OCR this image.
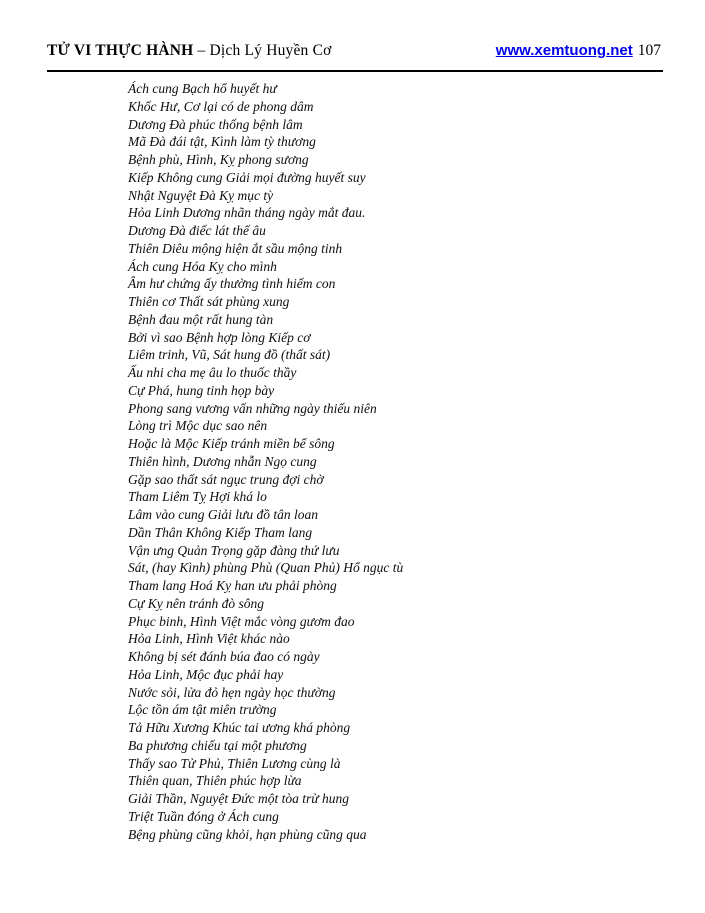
TỬ VI THỰC HÀNH – Dịch Lý Huyền Cơ	www.xemtuong.net 107

Ách cung Bạch hổ huyết hư

Khốc Hư, Cơ lại có de phong dâm

Dương Đà phúc thống bệnh lâm

Mã Đà đái tật, Kình làm tỳ thương

Bệnh phù, Hình, Kỵ phong sương

Kiếp Không cung Giải mọi đường huyết suy

Nhật Nguyệt Đà Kỵ mục tỳ

Hỏa Linh Dương nhãn tháng ngày mắt đau.

Dương Đà điếc lát thế âu

Thiên Diêu mộng hiện ắt sầu mộng tinh

Ách cung Hóa Kỵ cho mình

Âm hư chứng ấy thường tình hiếm con

Thiên cơ Thất sát phùng xung

Bệnh đau một rất hung tàn

Bởi vì sao Bệnh hợp lòng Kiếp cơ

Liêm trinh, Vũ, Sát hung đồ (thất sát)

Ấu nhi cha mẹ âu lo thuốc thầy

Cự Phá, hung tinh họp bày

Phong sang vương vấn những ngày thiếu niên

Lòng trì Mộc dục sao nên

Hoặc là Mộc Kiếp tránh miền bể sông

Thiên hình, Dương nhẫn Ngọ cung

Gặp sao thất sát ngục trung đợi chờ

Tham Liêm Tỵ Hợi khá lo

Lâm vào cung Giải lưu đồ tân loan

Dần Thân Không Kiếp Tham lang

Vận ưng Quản Trọng gặp đàng thứ lưu

Sát, (hay Kình) phùng Phù (Quan Phủ) Hổ ngục tù

Tham lang Hoá Kỵ han ưu phải phòng

Cự Kỵ nên tránh đò sông

Phục binh, Hình Việt mắc vòng gươm đao

Hỏa Linh, Hình Việt khác nào

Không bị sét đánh búa đao có ngày

Hỏa Linh, Mộc đục phải hay

Nước sỏi, lửa đỏ hẹn ngày học thường

Lộc tồn ám tật miên trường

Tả Hữu Xương Khúc tai ương khá phòng

Ba phương chiếu tại một phương

Thấy sao Tử Phủ, Thiên Lương cùng là

Thiên quan, Thiên phúc hợp lừa

Giải Thần, Nguyệt Đức một tòa trừ hung

Triệt Tuần đóng ở Ách cung

Bệng phùng cũng khỏi, hạn phùng cũng qua
